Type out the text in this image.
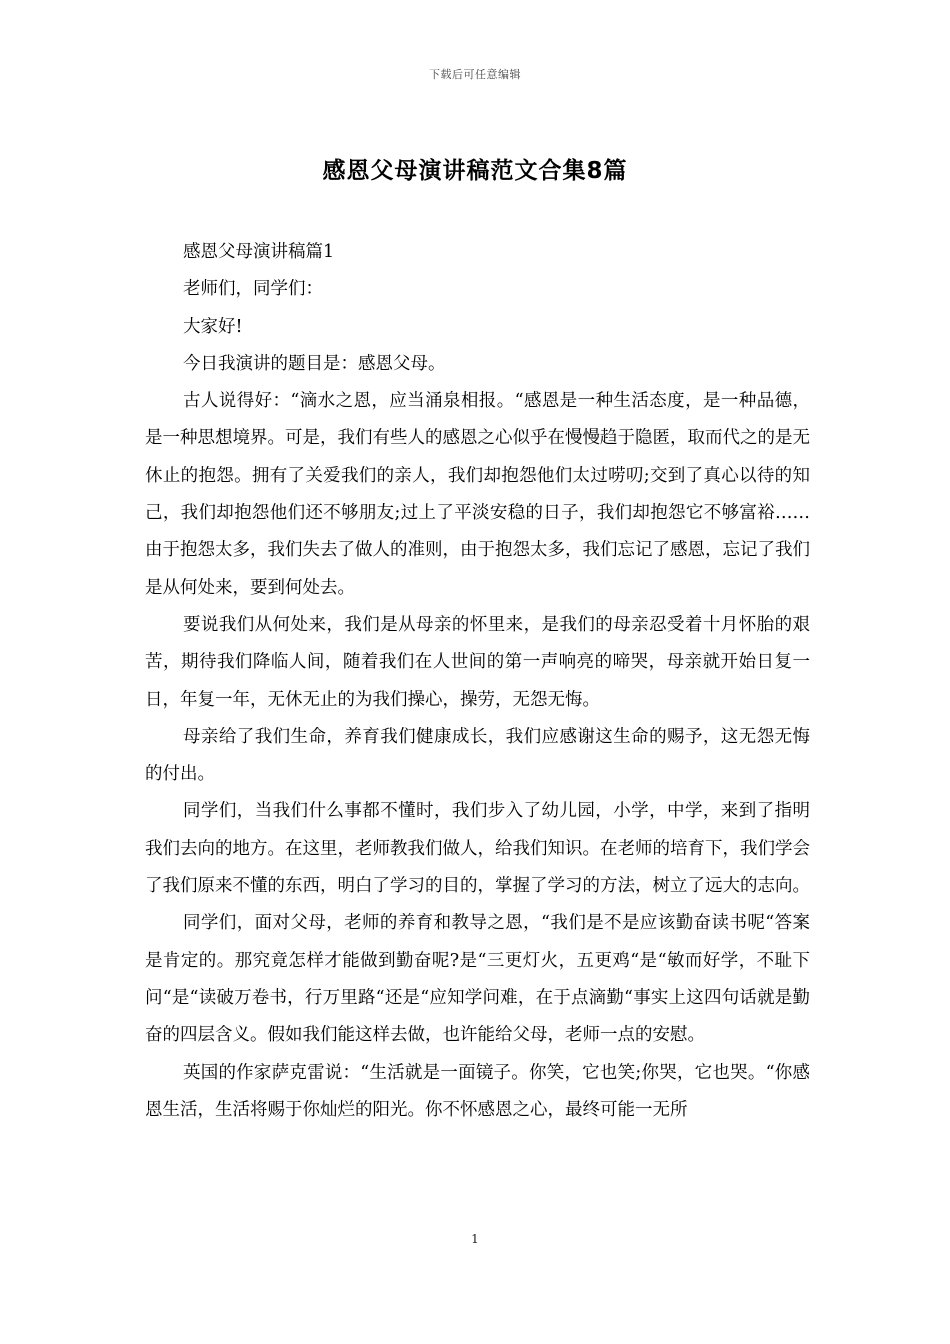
下载后可任意编辑
感恩父母演讲稿范文合集8篇

感恩父母演讲稿篇1

老师们，同学们：

大家好!

今日我演讲的题目是：感恩父母。

古人说得好：“滴水之恩，应当涌泉相报。“感恩是一种生活态度，是一种品德，是一种思想境界。可是，我们有些人的感恩之心似乎在慢慢趋于隐匿，取而代之的是无休止的抱怨。拥有了关爱我们的亲人，我们却抱怨他们太过唠叨;交到了真心以待的知己，我们却抱怨他们还不够朋友;过上了平淡安稳的日子，我们却抱怨它不够富裕……由于抱怨太多，我们失去了做人的准则，由于抱怨太多，我们忘记了感恩，忘记了我们是从何处来，要到何处去。

要说我们从何处来，我们是从母亲的怀里来，是我们的母亲忍受着十月怀胎的艰苦，期待我们降临人间，随着我们在人世间的第一声响亮的啼哭，母亲就开始日复一日，年复一年，无休无止的为我们操心，操劳，无怨无悔。

母亲给了我们生命，养育我们健康成长，我们应感谢这生命的赐予，这无怨无悔的付出。

同学们，当我们什么事都不懂时，我们步入了幼儿园，小学，中学，来到了指明我们去向的地方。在这里，老师教我们做人，给我们知识。在老师的培育下，我们学会了我们原来不懂的东西，明白了学习的目的，掌握了学习的方法，树立了远大的志向。

同学们，面对父母，老师的养育和教导之恩，“我们是不是应该勤奋读书呢“答案是肯定的。那究竟怎样才能做到勤奋呢?是“三更灯火，五更鸡“是“敏而好学，不耻下问“是“读破万卷书，行万里路“还是“应知学问难，在于点滴勤“事实上这四句话就是勤奋的四层含义。假如我们能这样去做，也许能给父母，老师一点的安慰。

英国的作家萨克雷说：“生活就是一面镜子。你笑，它也笑;你哭，它也哭。“你感恩生活，生活将赐于你灿烂的阳光。你不怀感恩之心，最终可能一无所

1
